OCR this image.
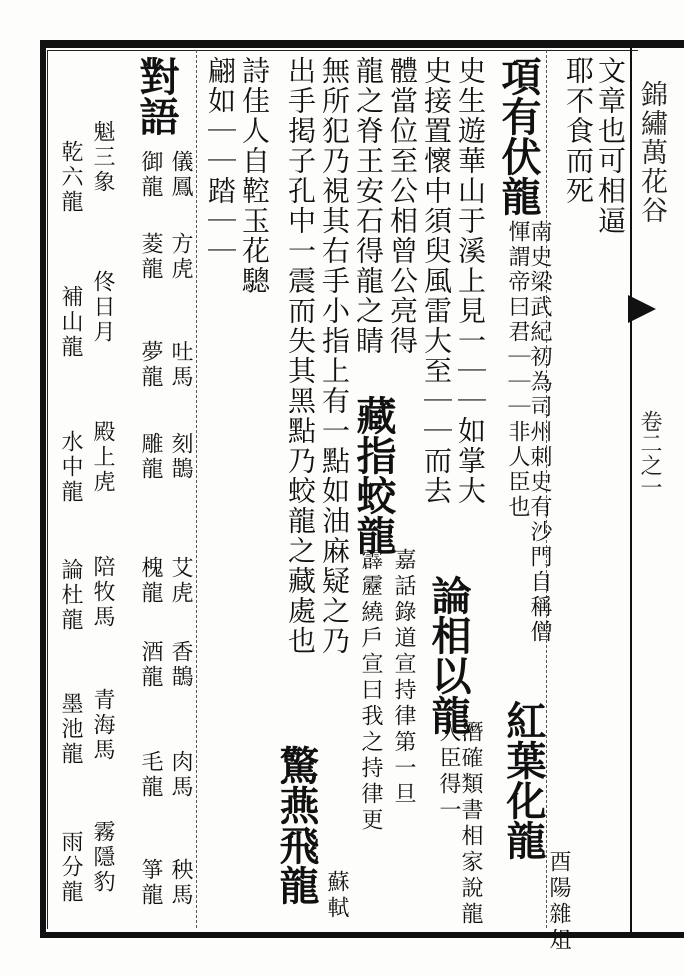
錦繡萬花谷
卷二之一
文章也可相逼
耶不食而死
紅葉化龍
酉陽雜俎
項有伏龍
南史梁武紀初為司州刺史有沙門自稱僧惲謂帝曰君｜｜｜非人臣也
論相以龍
潛確類書相家說龍人臣得一
史生遊華山于溪上見一｜｜如掌大
史接置懷中須臾風雷大至｜｜而去
體當位至公相曾公亮得
藏指蛟龍
嘉話錄道宣持律第一旦
龍之脊王安石得龍之睛
霹靂繞戶宣曰我之持律更
無所犯乃視其右手小指上有一點如油麻疑之乃
出手掲子孔中一震而失其黑點乃蛟龍之藏處也
驚燕飛龍 蘇軾
詩佳人自鞚玉花驄
翩如｜｜踏｜｜
對語
儀鳳
御龍
方虎
菱龍
吐馬
夢龍
刻鵲
雕龍
艾虎
槐龍
香鵲
酒龍
肉馬
毛龍
秧馬
箏龍
魁三象
乾六龍
佟日月
補山龍
殿上虎
水中龍
陪牧馬
論杜龍
青海馬
墨池龍
霧隱豹
雨分龍
